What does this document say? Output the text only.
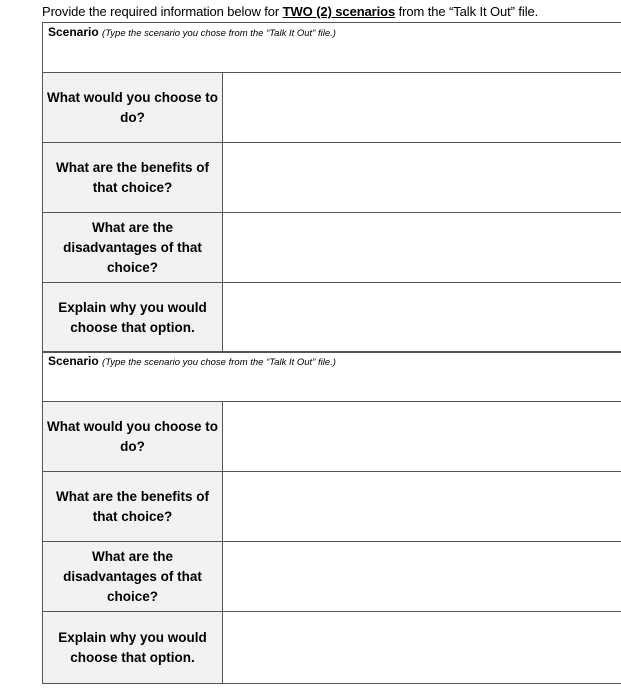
Provide the required information below for TWO (2) scenarios from the “Talk It Out” file.
Scenario (Type the scenario you chose from the “Talk It Out” file.)
What would you choose to do?
What are the benefits of that choice?
What are the disadvantages of that choice?
Explain why you would choose that option.
Scenario (Type the scenario you chose from the “Talk It Out” file.)
What would you choose to do?
What are the benefits of that choice?
What are the disadvantages of that choice?
Explain why you would choose that option.
